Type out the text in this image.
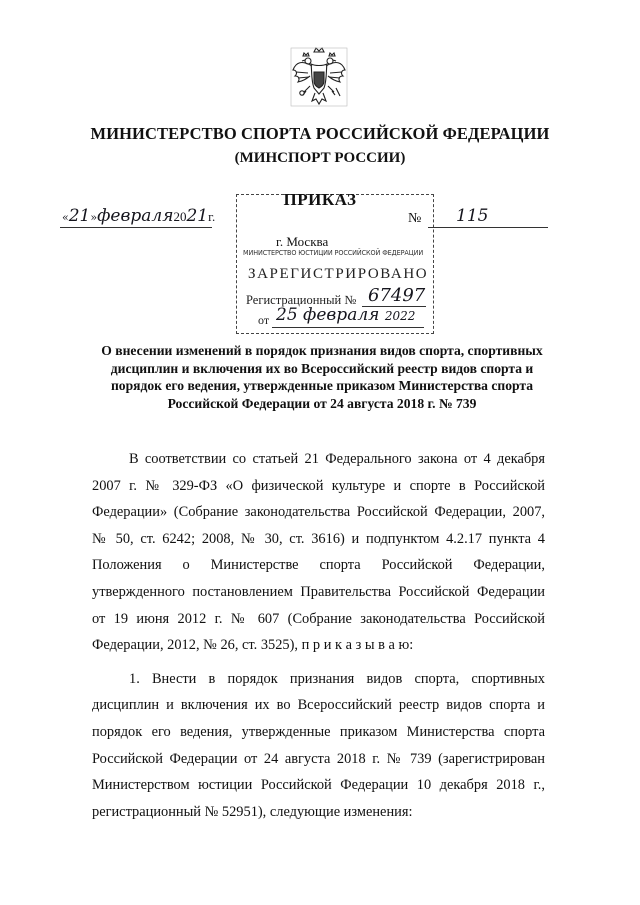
МИНИСТЕРСТВО СПОРТА РОССИЙСКОЙ ФЕДЕРАЦИИ
(МИНСПОРТ РОССИИ)
«21»февраля2021г.
ПРИКАЗ
№ 115
г. Москва
МИНИСТЕРСТВО ЮСТИЦИИ РОССИЙСКОЙ ФЕДЕРАЦИИ
ЗАРЕГИСТРИРОВАНО
Регистрационный № 67497
от 25 февраля 2022
О внесении изменений в порядок признания видов спорта, спортивных дисциплин и включения их во Всероссийский реестр видов спорта и порядок его ведения, утвержденные приказом Министерства спорта Российской Федерации от 24 августа 2018 г. № 739

В соответствии со статьей 21 Федерального закона от 4 декабря 2007 г. № 329-ФЗ «О физической культуре и спорте в Российской Федерации» (Собрание законодательства Российской Федерации, 2007, № 50, ст. 6242; 2008, № 30, ст. 3616) и подпунктом 4.2.17 пункта 4 Положения о Министерстве спорта Российской Федерации, утвержденного постановлением Правительства Российской Федерации от 19 июня 2012 г. № 607 (Собрание законодательства Российской Федерации, 2012, № 26, ст. 3525), п р и к а з ы в а ю:

1. Внести в порядок признания видов спорта, спортивных дисциплин и включения их во Всероссийский реестр видов спорта и порядок его ведения, утвержденные приказом Министерства спорта Российской Федерации от 24 августа 2018 г. № 739 (зарегистрирован Министерством юстиции Российской Федерации 10 декабря 2018 г., регистрационный № 52951), следующие изменения:
